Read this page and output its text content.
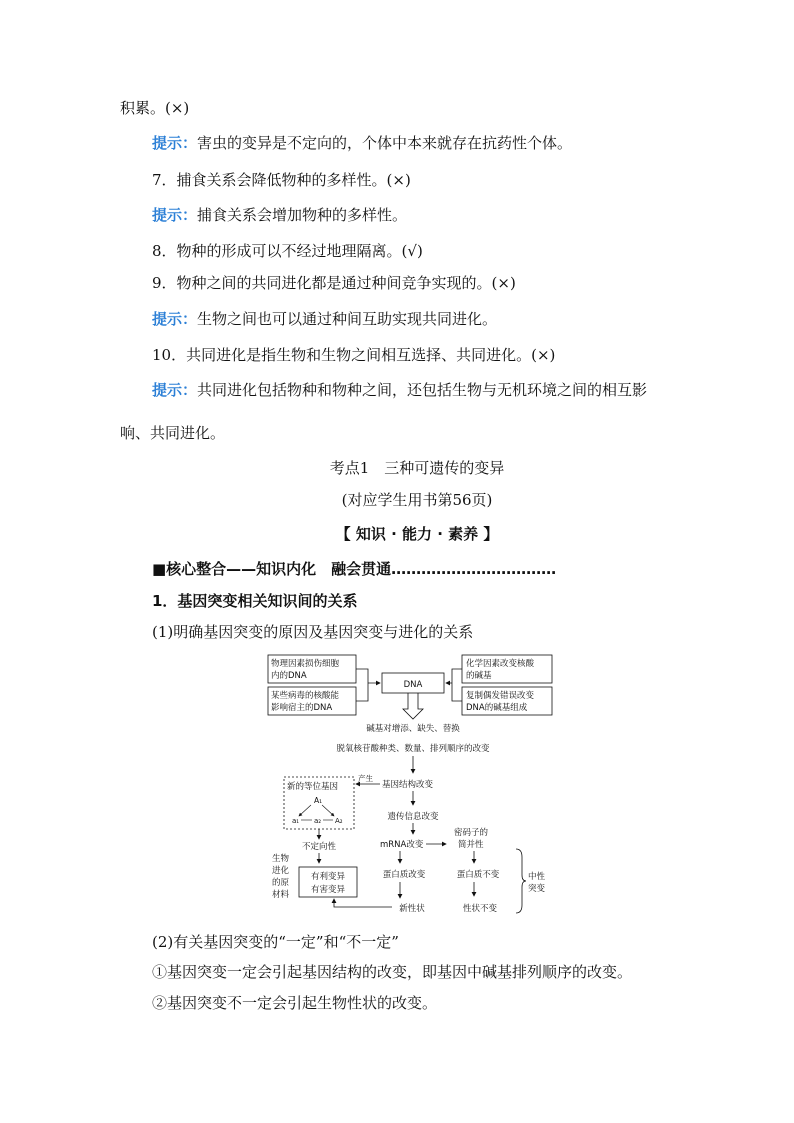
积累。(×)
提示：害虫的变异是不定向的，个体中本来就存在抗药性个体。
7．捕食关系会降低物种的多样性。(×)
提示：捕食关系会增加物种的多样性。
8．物种的形成可以不经过地理隔离。(√)
9．物种之间的共同进化都是通过种间竞争实现的。(×)
提示：生物之间也可以通过种间互助实现共同进化。
10．共同进化是指生物和生物之间相互选择、共同进化。(×)
提示：共同进化包括物种和物种之间，还包括生物与无机环境之间的相互影
响、共同进化。
考点1　三种可遗传的变异
(对应学生用书第56页)
【 知识 · 能力 · 素养 】
■核心整合——知识内化　融会贯通……………………………
1．基因突变相关知识间的关系
(1)明确基因突变的原因及基因突变与进化的关系
物理因素损伤细胞
内的DNA
某些病毒的核酸能
影响宿主的DNA
化学因素改变核酸
的碱基
复制偶发错误改变
DNA的碱基组成
DNA
碱基对增添、缺失、替换
脱氧核苷酸种类、数量、排列顺序的改变
基因结构改变
产生
新的等位基因
A₁
a₁ a₂ A₂
不定向性
遗传信息改变
mRNA改变
密码子的
简并性
蛋白质改变	蛋白质不变
新性状	性状不变
生物
进化
的原
材料
有利变异
有害变异
中性
突变
(2)有关基因突变的“一定”和“不一定”
①基因突变一定会引起基因结构的改变，即基因中碱基排列顺序的改变。
②基因突变不一定会引起生物性状的改变。
